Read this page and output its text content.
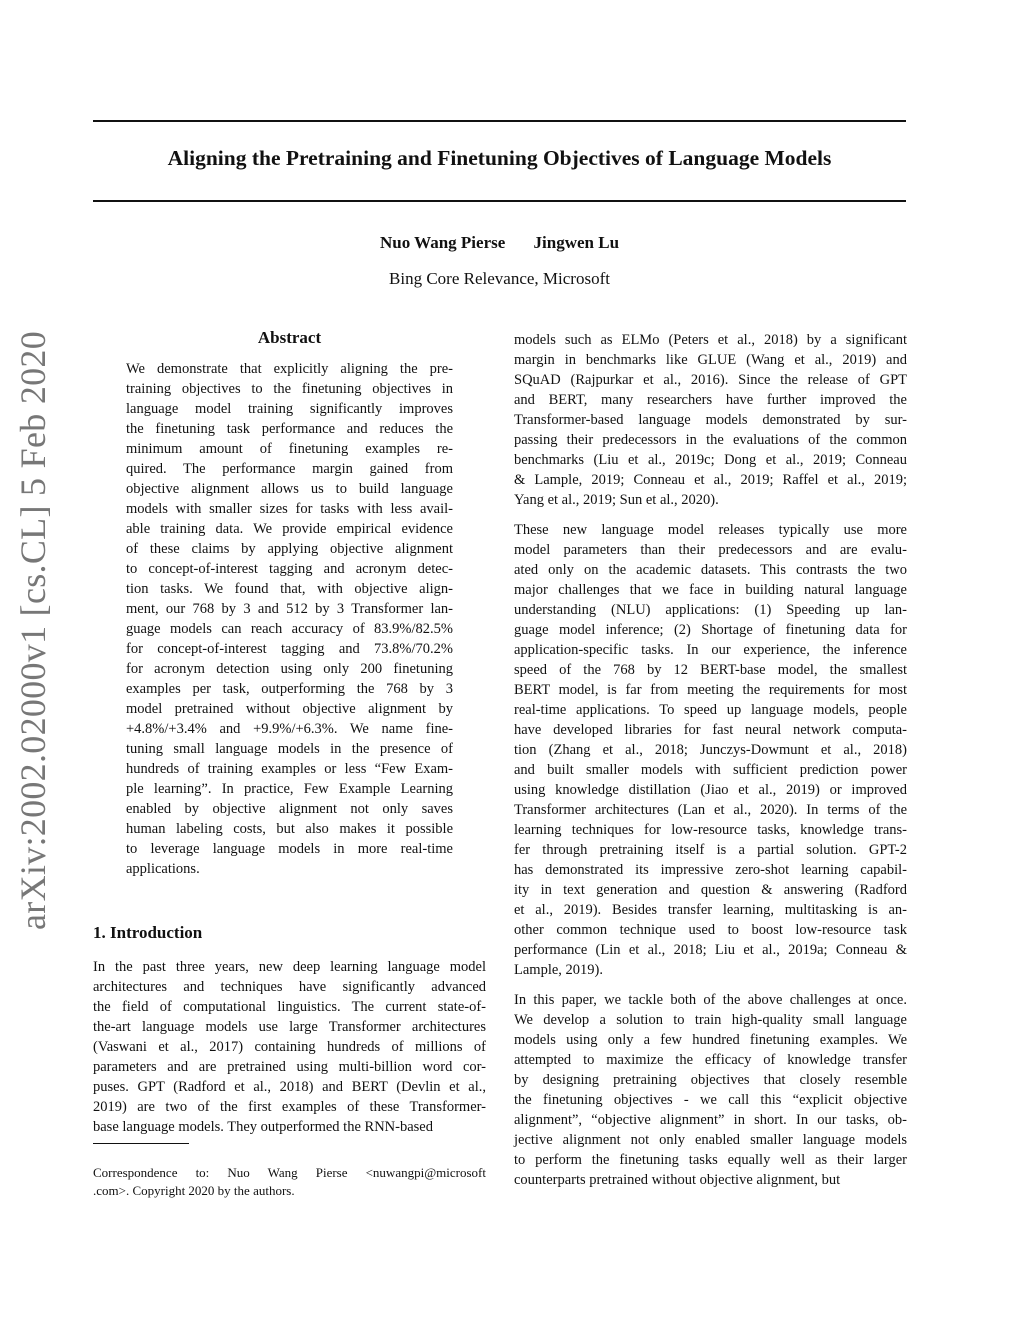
Aligning the Pretraining and Finetuning Objectives of Language Models
Nuo Wang Pierse Jingwen Lu
Bing Core Relevance, Microsoft
arXiv:2002.02000v1 [cs.CL] 5 Feb 2020	Abstract
We demonstrate that explicitly aligning the pre-
training objectives to the finetuning objectives in
language model training significantly improves
the finetuning task performance and reduces the
minimum amount of finetuning examples re-
quired. The performance margin gained from
objective alignment allows us to build language
models with smaller sizes for tasks with less avail-
able training data. We provide empirical evidence
of these claims by applying objective alignment
to concept-of-interest tagging and acronym detec-
tion tasks. We found that, with objective align-
ment, our 768 by 3 and 512 by 3 Transformer lan-
guage models can reach accuracy of 83.9%/82.5%
for concept-of-interest tagging and 73.8%/70.2%
for acronym detection using only 200 finetuning
examples per task, outperforming the 768 by 3
model pretrained without objective alignment by
+4.8%/+3.4% and +9.9%/+6.3%. We name fine-
tuning small language models in the presence of
hundreds of training examples or less “Few Exam-
ple learning”. In practice, Few Example Learning
enabled by objective alignment not only saves
human labeling costs, but also makes it possible
to leverage language models in more real-time
applications.
1. Introduction
In the past three years, new deep learning language model
architectures and techniques have significantly advanced
the field of computational linguistics. The current state-of-
the-art language models use large Transformer architectures
(Vaswani et al., 2017) containing hundreds of millions of
parameters and are pretrained using multi-billion word cor-
puses. GPT (Radford et al., 2018) and BERT (Devlin et al.,
2019) are two of the first examples of these Transformer-
base language models. They outperformed the RNN-based
Correspondence to: Nuo Wang Pierse <nuwangpi@microsoft
.com>. Copyright 2020 by the authors.
models such as ELMo (Peters et al., 2018) by a significant
margin in benchmarks like GLUE (Wang et al., 2019) and
SQuAD (Rajpurkar et al., 2016). Since the release of GPT
and BERT, many researchers have further improved the
Transformer-based language models demonstrated by sur-
passing their predecessors in the evaluations of the common
benchmarks (Liu et al., 2019c; Dong et al., 2019; Conneau
& Lample, 2019; Conneau et al., 2019; Raffel et al., 2019;
Yang et al., 2019; Sun et al., 2020).
These new language model releases typically use more
model parameters than their predecessors and are evalu-
ated only on the academic datasets. This contrasts the two
major challenges that we face in building natural language
understanding (NLU) applications: (1) Speeding up lan-
guage model inference; (2) Shortage of finetuning data for
application-specific tasks. In our experience, the inference
speed of the 768 by 12 BERT-base model, the smallest
BERT model, is far from meeting the requirements for most
real-time applications. To speed up language models, people
have developed libraries for fast neural network computa-
tion (Zhang et al., 2018; Junczys-Dowmunt et al., 2018)
and built smaller models with sufficient prediction power
using knowledge distillation (Jiao et al., 2019) or improved
Transformer architectures (Lan et al., 2020). In terms of the
learning techniques for low-resource tasks, knowledge trans-
fer through pretraining itself is a partial solution. GPT-2
has demonstrated its impressive zero-shot learning capabil-
ity in text generation and question & answering (Radford
et al., 2019). Besides transfer learning, multitasking is an-
other common technique used to boost low-resource task
performance (Lin et al., 2018; Liu et al., 2019a; Conneau &
Lample, 2019).
In this paper, we tackle both of the above challenges at once.
We develop a solution to train high-quality small language
models using only a few hundred finetuning examples. We
attempted to maximize the efficacy of knowledge transfer
by designing pretraining objectives that closely resemble
the finetuning objectives - we call this “explicit objective
alignment”, “objective alignment” in short. In our tasks, ob-
jective alignment not only enabled smaller language models
to perform the finetuning tasks equally well as their larger
counterparts pretrained without objective alignment, but
